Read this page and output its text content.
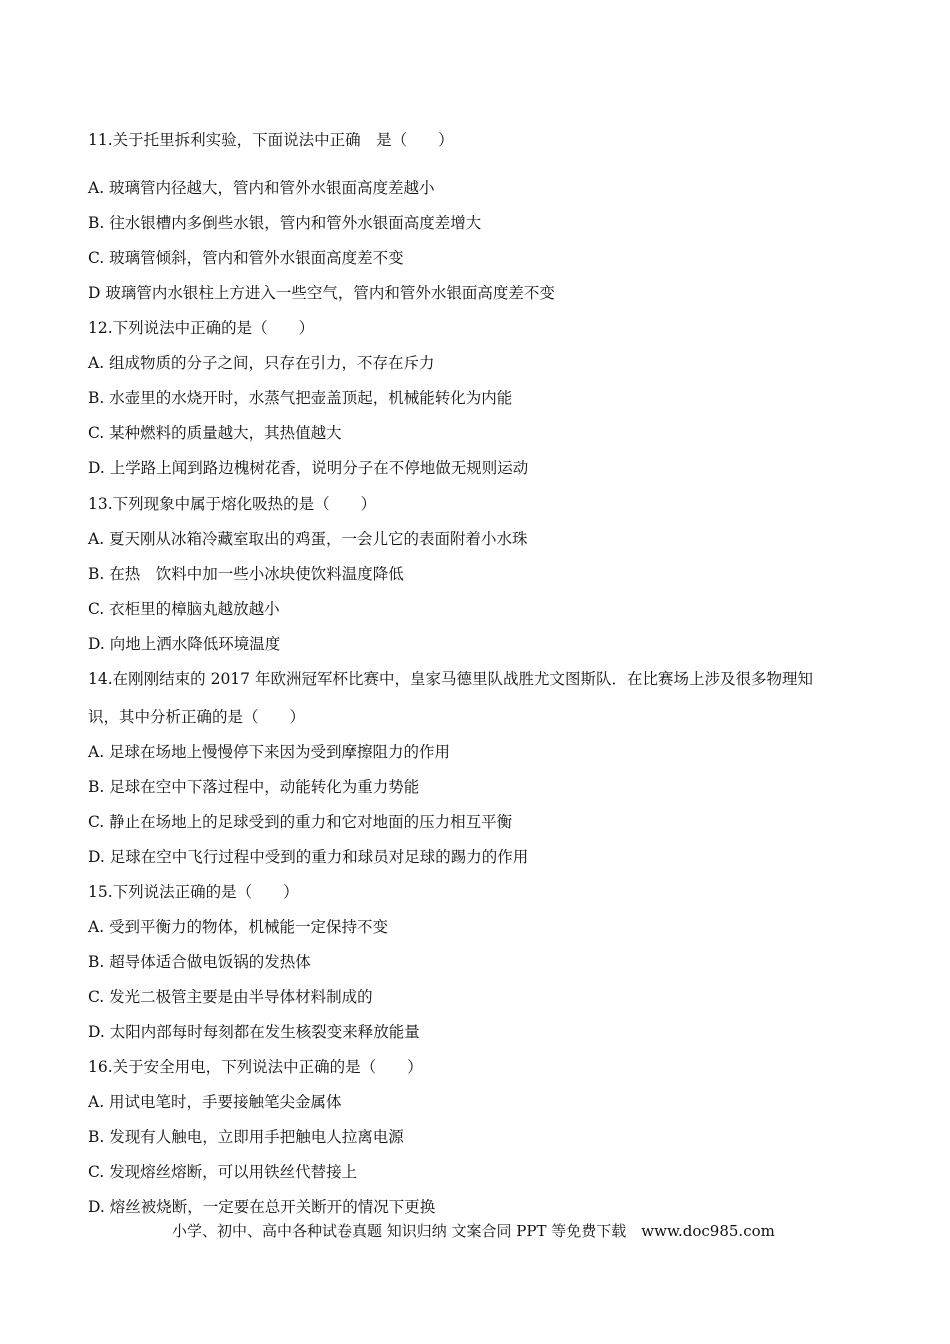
11.关于托里拆利实验，下面说法中正确　是（　　）
A. 玻璃管内径越大，管内和管外水银面高度差越小
B. 往水银槽内多倒些水银，管内和管外水银面高度差增大
C. 玻璃管倾斜，管内和管外水银面高度差不变
D 玻璃管内水银柱上方进入一些空气，管内和管外水银面高度差不变
12.下列说法中正确的是（　　）
A. 组成物质的分子之间，只存在引力，不存在斥力
B. 水壶里的水烧开时，水蒸气把壶盖顶起，机械能转化为内能
C. 某种燃料的质量越大，其热值越大
D. 上学路上闻到路边槐树花香，说明分子在不停地做无规则运动
13.下列现象中属于熔化吸热的是（　　）
A. 夏天刚从冰箱冷藏室取出的鸡蛋，一会儿它的表面附着小水珠
B. 在热　饮料中加一些小冰块使饮料温度降低
C. 衣柜里的樟脑丸越放越小
D. 向地上洒水降低环境温度
14.在刚刚结束的 2017 年欧洲冠军杯比赛中，皇家马德里队战胜尤文图斯队．在比赛场上涉及很多物理知
识，其中分析正确的是（　　）
A. 足球在场地上慢慢停下来因为受到摩擦阻力的作用
B. 足球在空中下落过程中，动能转化为重力势能
C. 静止在场地上的足球受到的重力和它对地面的压力相互平衡
D. 足球在空中飞行过程中受到的重力和球员对足球的踢力的作用
15.下列说法正确的是（　　）
A. 受到平衡力的物体，机械能一定保持不变
B. 超导体适合做电饭锅的发热体
C. 发光二极管主要是由半导体材料制成的
D. 太阳内部每时每刻都在发生核裂变来释放能量
16.关于安全用电，下列说法中正确的是（　　）
A. 用试电笔时，手要接触笔尖金属体
B. 发现有人触电，立即用手把触电人拉离电源
C. 发现熔丝熔断，可以用铁丝代替接上
D. 熔丝被烧断，一定要在总开关断开的情况下更换
小学、初中、高中各种试卷真题 知识归纳 文案合同 PPT 等免费下载　www.doc985.com
